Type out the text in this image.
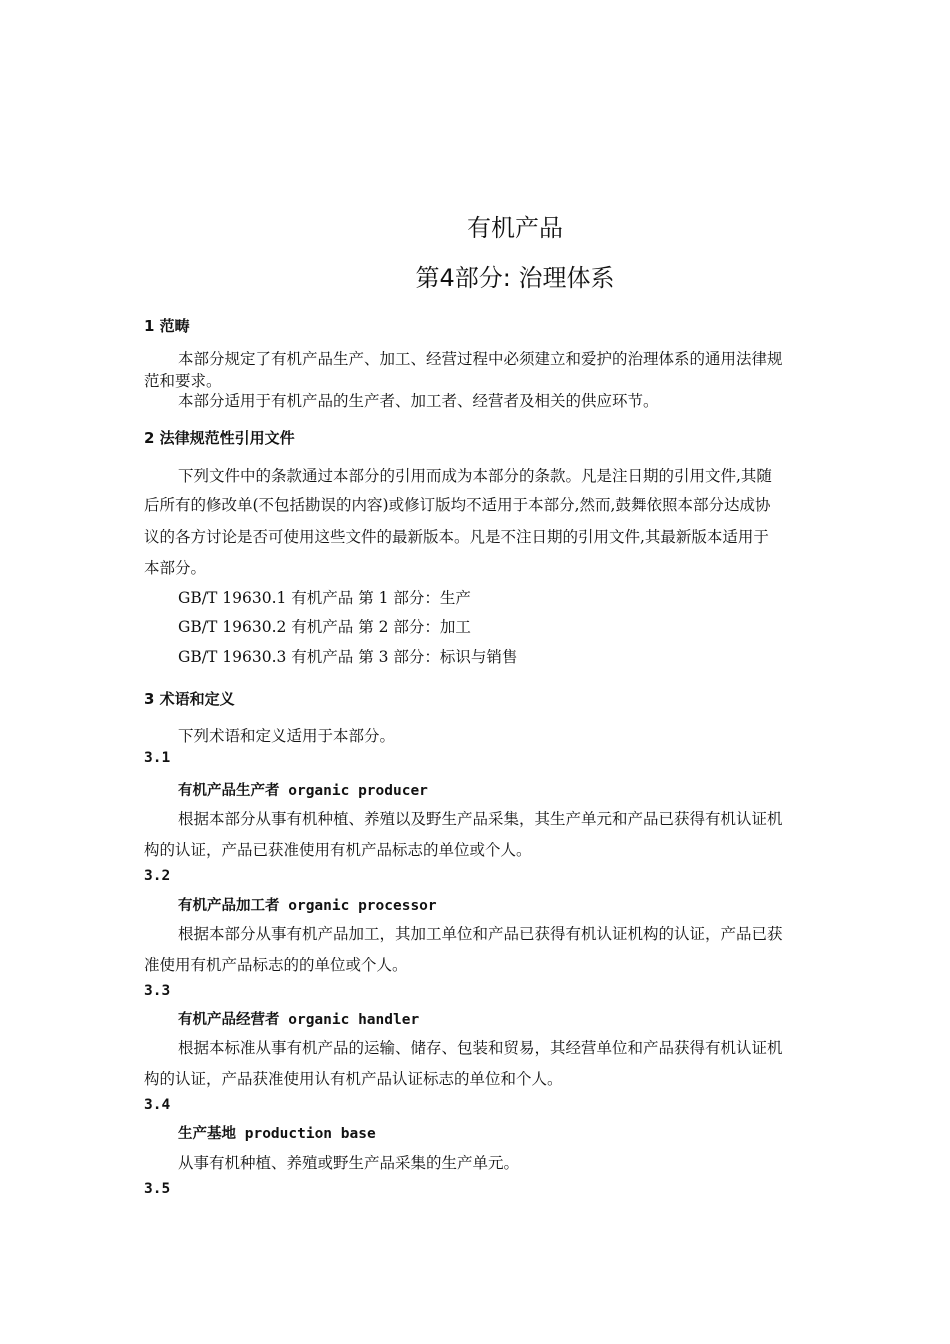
有机产品
第4部分: 治理体系
1 范畴
本部分规定了有机产品生产、加工、经营过程中必须建立和爱护的治理体系的通用法律规
范和要求。
本部分适用于有机产品的生产者、加工者、经营者及相关的供应环节。
2 法律规范性引用文件
下列文件中的条款通过本部分的引用而成为本部分的条款。凡是注日期的引用文件,其随
后所有的修改单(不包括勘误的内容)或修订版均不适用于本部分,然而,鼓舞依照本部分达成协
议的各方讨论是否可使用这些文件的最新版本。凡是不注日期的引用文件,其最新版本适用于
本部分。
GB/T 19630.1 有机产品 第 1 部分：生产
GB/T 19630.2 有机产品 第 2 部分：加工
GB/T 19630.3 有机产品 第 3 部分：标识与销售
3 术语和定义
下列术语和定义适用于本部分。
3.1
有机产品生产者 organic producer
根据本部分从事有机种植、养殖以及野生产品采集，其生产单元和产品已获得有机认证机
构的认证，产品已获准使用有机产品标志的单位或个人。
3.2
有机产品加工者 organic processor
根据本部分从事有机产品加工，其加工单位和产品已获得有机认证机构的认证，产品已获
准使用有机产品标志的的单位或个人。
3.3
有机产品经营者 organic handler
根据本标准从事有机产品的运输、储存、包装和贸易，其经营单位和产品获得有机认证机
构的认证，产品获准使用认有机产品认证标志的单位和个人。
3.4
生产基地 production base
从事有机种植、养殖或野生产品采集的生产单元。
3.5
